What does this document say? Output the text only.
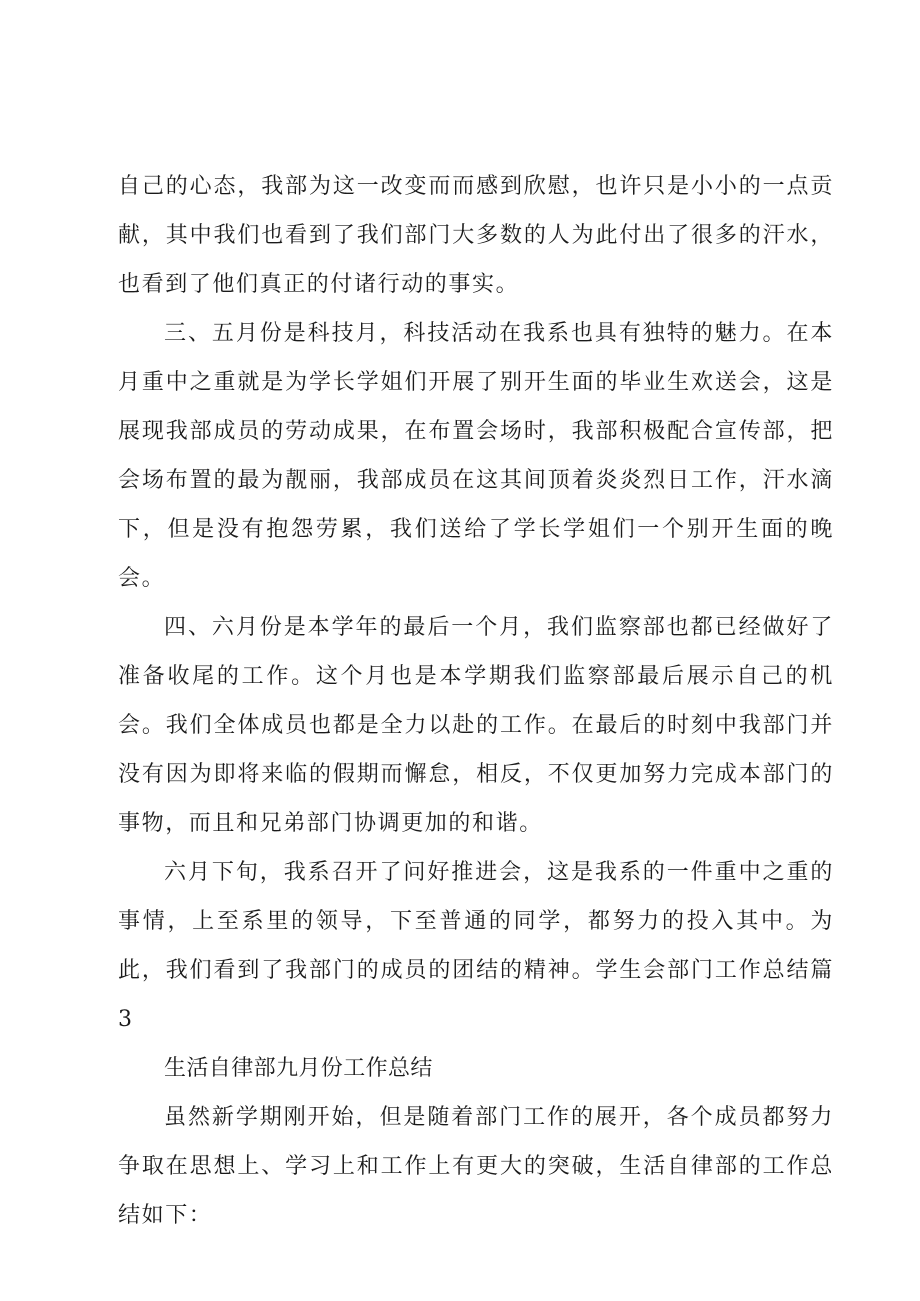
自己的心态，我部为这一改变而而感到欣慰，也许只是小小的一点贡献，其中我们也看到了我们部门大多数的人为此付出了很多的汗水，也看到了他们真正的付诸行动的事实。

三、五月份是科技月，科技活动在我系也具有独特的魅力。在本月重中之重就是为学长学姐们开展了别开生面的毕业生欢送会，这是展现我部成员的劳动成果，在布置会场时，我部积极配合宣传部，把会场布置的最为靓丽，我部成员在这其间顶着炎炎烈日工作，汗水滴下，但是没有抱怨劳累，我们送给了学长学姐们一个别开生面的晚会。

四、六月份是本学年的最后一个月，我们监察部也都已经做好了准备收尾的工作。这个月也是本学期我们监察部最后展示自己的机会。我们全体成员也都是全力以赴的工作。在最后的时刻中我部门并没有因为即将来临的假期而懈怠，相反，不仅更加努力完成本部门的事物，而且和兄弟部门协调更加的和谐。

六月下旬，我系召开了问好推进会，这是我系的一件重中之重的事情，上至系里的领导，下至普通的同学，都努力的投入其中。为此，我们看到了我部门的成员的团结的精神。学生会部门工作总结篇 3

生活自律部九月份工作总结

虽然新学期刚开始，但是随着部门工作的展开，各个成员都努力争取在思想上、学习上和工作上有更大的突破，生活自律部的工作总结如下：
